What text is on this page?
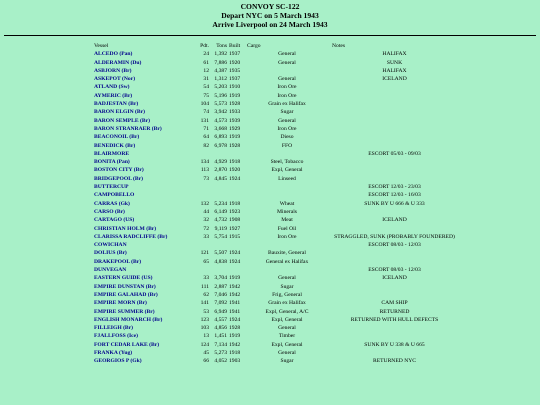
CONVOY SC-122
Depart NYC on 5 March 1943
Arrive Liverpool on 24 March 1943
Vessel	Pdt.	Tons	Built	Cargo	Notes
ALCEDO (Pan)	24	1,392	1937	General	HALIFAX
ALDERAMIN (Du)	61	7,886	1920	General	SUNK
ASBJORN (Br)	12	4,387	1935		HALIFAX
ASKEPOT (Nor)	31	1,312	1937	General	ICELAND
ATLAND (Sw)	54	5,203	1910	Iron Ore	
AYMERIC (Br)	75	5,196	1919	Iron Ore	
BADJESTAN (Br)	104	5,573	1928	Grain ex Halifax	
BARON ELGIN (Br)	74	3,942	1933	Sugar	
BARON SEMPLE (Br)	131	4,573	1939	General	
BARON STRANRAER (Br)	71	3,668	1929	Iron Ore	
BEACONOIL (Br)	64	6,893	1919	Dieso	
BENEDICK (Br)	82	6,978	1928	FFO	
BLAIRMORE					ESCORT 05/03 - 09/03
BONITA (Pan)	134	4,929	1918	Steel, Tobacco	
BOSTON CITY (Br)	113	2,870	1920	Expl, General	
BRIDGEPOOL (Br)	73	4,845	1924	Linseed	
BUTTERCUP					ESCORT 12/03 - 23/03
CAMPOBELLO					ESCORT 12/03 - 16/03
CARRAS (Gk)	132	5,234	1918	Wheat	SUNK BY U 666 & U 333
CARSO (Br)	44	6,149	1923	Minerals	
CARTAGO (US)	32	4,732	1908	Meat	ICELAND
CHRISTIAN HOLM (Br)	72	9,119	1927	Fuel Oil	
CLARISSA RADCLIFFE (Br)	33	5,754	1915	Iron Ore	STRAGGLED, SUNK (PROBABLY FOUNDERED)
COWICHAN					ESCORT 08/03 - 12/03
DOLIUS (Br)	121	5,507	1924	Bauxite, General	
DRAKEPOOL (Br)	65	4,838	1924	General ex Halifax	
DUNVEGAN					ESCORT 08/03 - 12/03
EASTERN GUIDE (US)	33	3,704	1919	General	ICELAND
EMPIRE DUNSTAN (Br)	111	2,887	1942	Sugar	
EMPIRE GALAHAD (Br)	62	7,046	1942	Frig, General	
EMPIRE MORN (Br)	141	7,092	1941	Grain ex Halifax	CAM SHIP
EMPIRE SUMMER (Br)	53	6,949	1941	Expl, General, A/C	RETURNED
ENGLISH MONARCH (Br)	123	4,557	1924	Expl, General	RETURNED WITH HULL DEFECTS
FILLEIGH (Br)	103	4,856	1928	General	
FJALLFOSS (Ice)	13	1,451	1919	Timber	
FORT CEDAR LAKE (Br)	124	7,134	1942	Expl, General	SUNK BY U 338 & U 665
FRANKA (Yug)	45	5,273	1918	General	
GEORGIOS P (Gk)	66	4,052	1903	Sugar	RETURNED NYC
